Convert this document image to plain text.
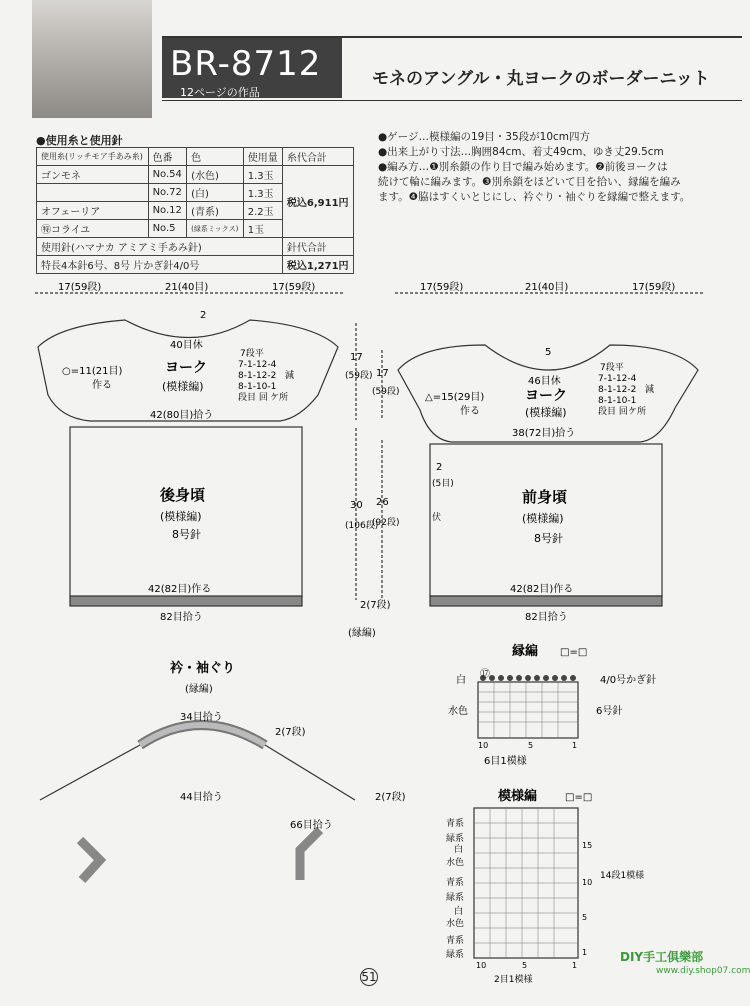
BR-8712
12ページの作品
モネのアングル・丸ヨークのボーダーニット
●使用糸と使用針
使用糸(リッチモア手あみ糸)	色番	色	使用量	糸代合計
ゴンモネ	No.54	(水色)	1.3玉	税込6,911円
	No.72	(白)	1.3玉	
オフェーリア	No.12	(青系)	2.2玉	
㊕コライユ	No.5	(緑系ミックス)	1玉	
使用針(ハマナカ アミアミ手あみ針)				針代合計
特長4本針6号、8号 片かぎ針4/0号				税込1,271円
●ゲージ…模様編の19目・35段が10cm四方
●出来上がり寸法…胸囲84cm、着丈49cm、ゆき丈29.5cm
●編み方…❶別糸鎖の作り目で編み始めます。❷前後ヨークは
続けて輪に編みます。❸別糸鎖をほどいて目を拾い、縁編を編み
ます。❹脇はすくいとじにし、衿ぐり・袖ぐりを縁編で整えます。
17(59段)	21(40目)	17(59段)
2
40目休
ヨーク
(模様編)
7段平
7-1-12-4
8-1-12-2
8-1-10-1
段目 回
減
ケ所
○=11(21目)
作る
42(80目)拾う
17
(59段)
後身頃
(模様編)
8号針
42(82目)作る
82目拾う
30
(106段)
17(59段)	21(40目)	17(59段)
5
46目休
ヨーク
(模様編)
7段平
7-1-12-4
8-1-12-2
8-1-10-1
段目 回
減
ケ所
△=15(29目)
作る
38(72目)拾う
17
(59段)
2
(5目)
伏
前身頃
(模様編)
8号針
26
(92段)
42(82目)作る
82目拾う
2(7段)
(縁編)
衿・袖ぐり
(縁編)
34目拾う
2(7段)
44目拾う	2(7段)
66目拾う
縁編 □=□
⑰
白
水色
4/0号かぎ針
6号針
10	5	1
6目1模様
模様編	□=□
青系
緑系
白
水色
青系
緑系
白
水色
青系
緑系
15
10
5
1
10	5	1
14段1模様
2目1模様
51
DIY手工俱樂部
www.diy.shop07.com
